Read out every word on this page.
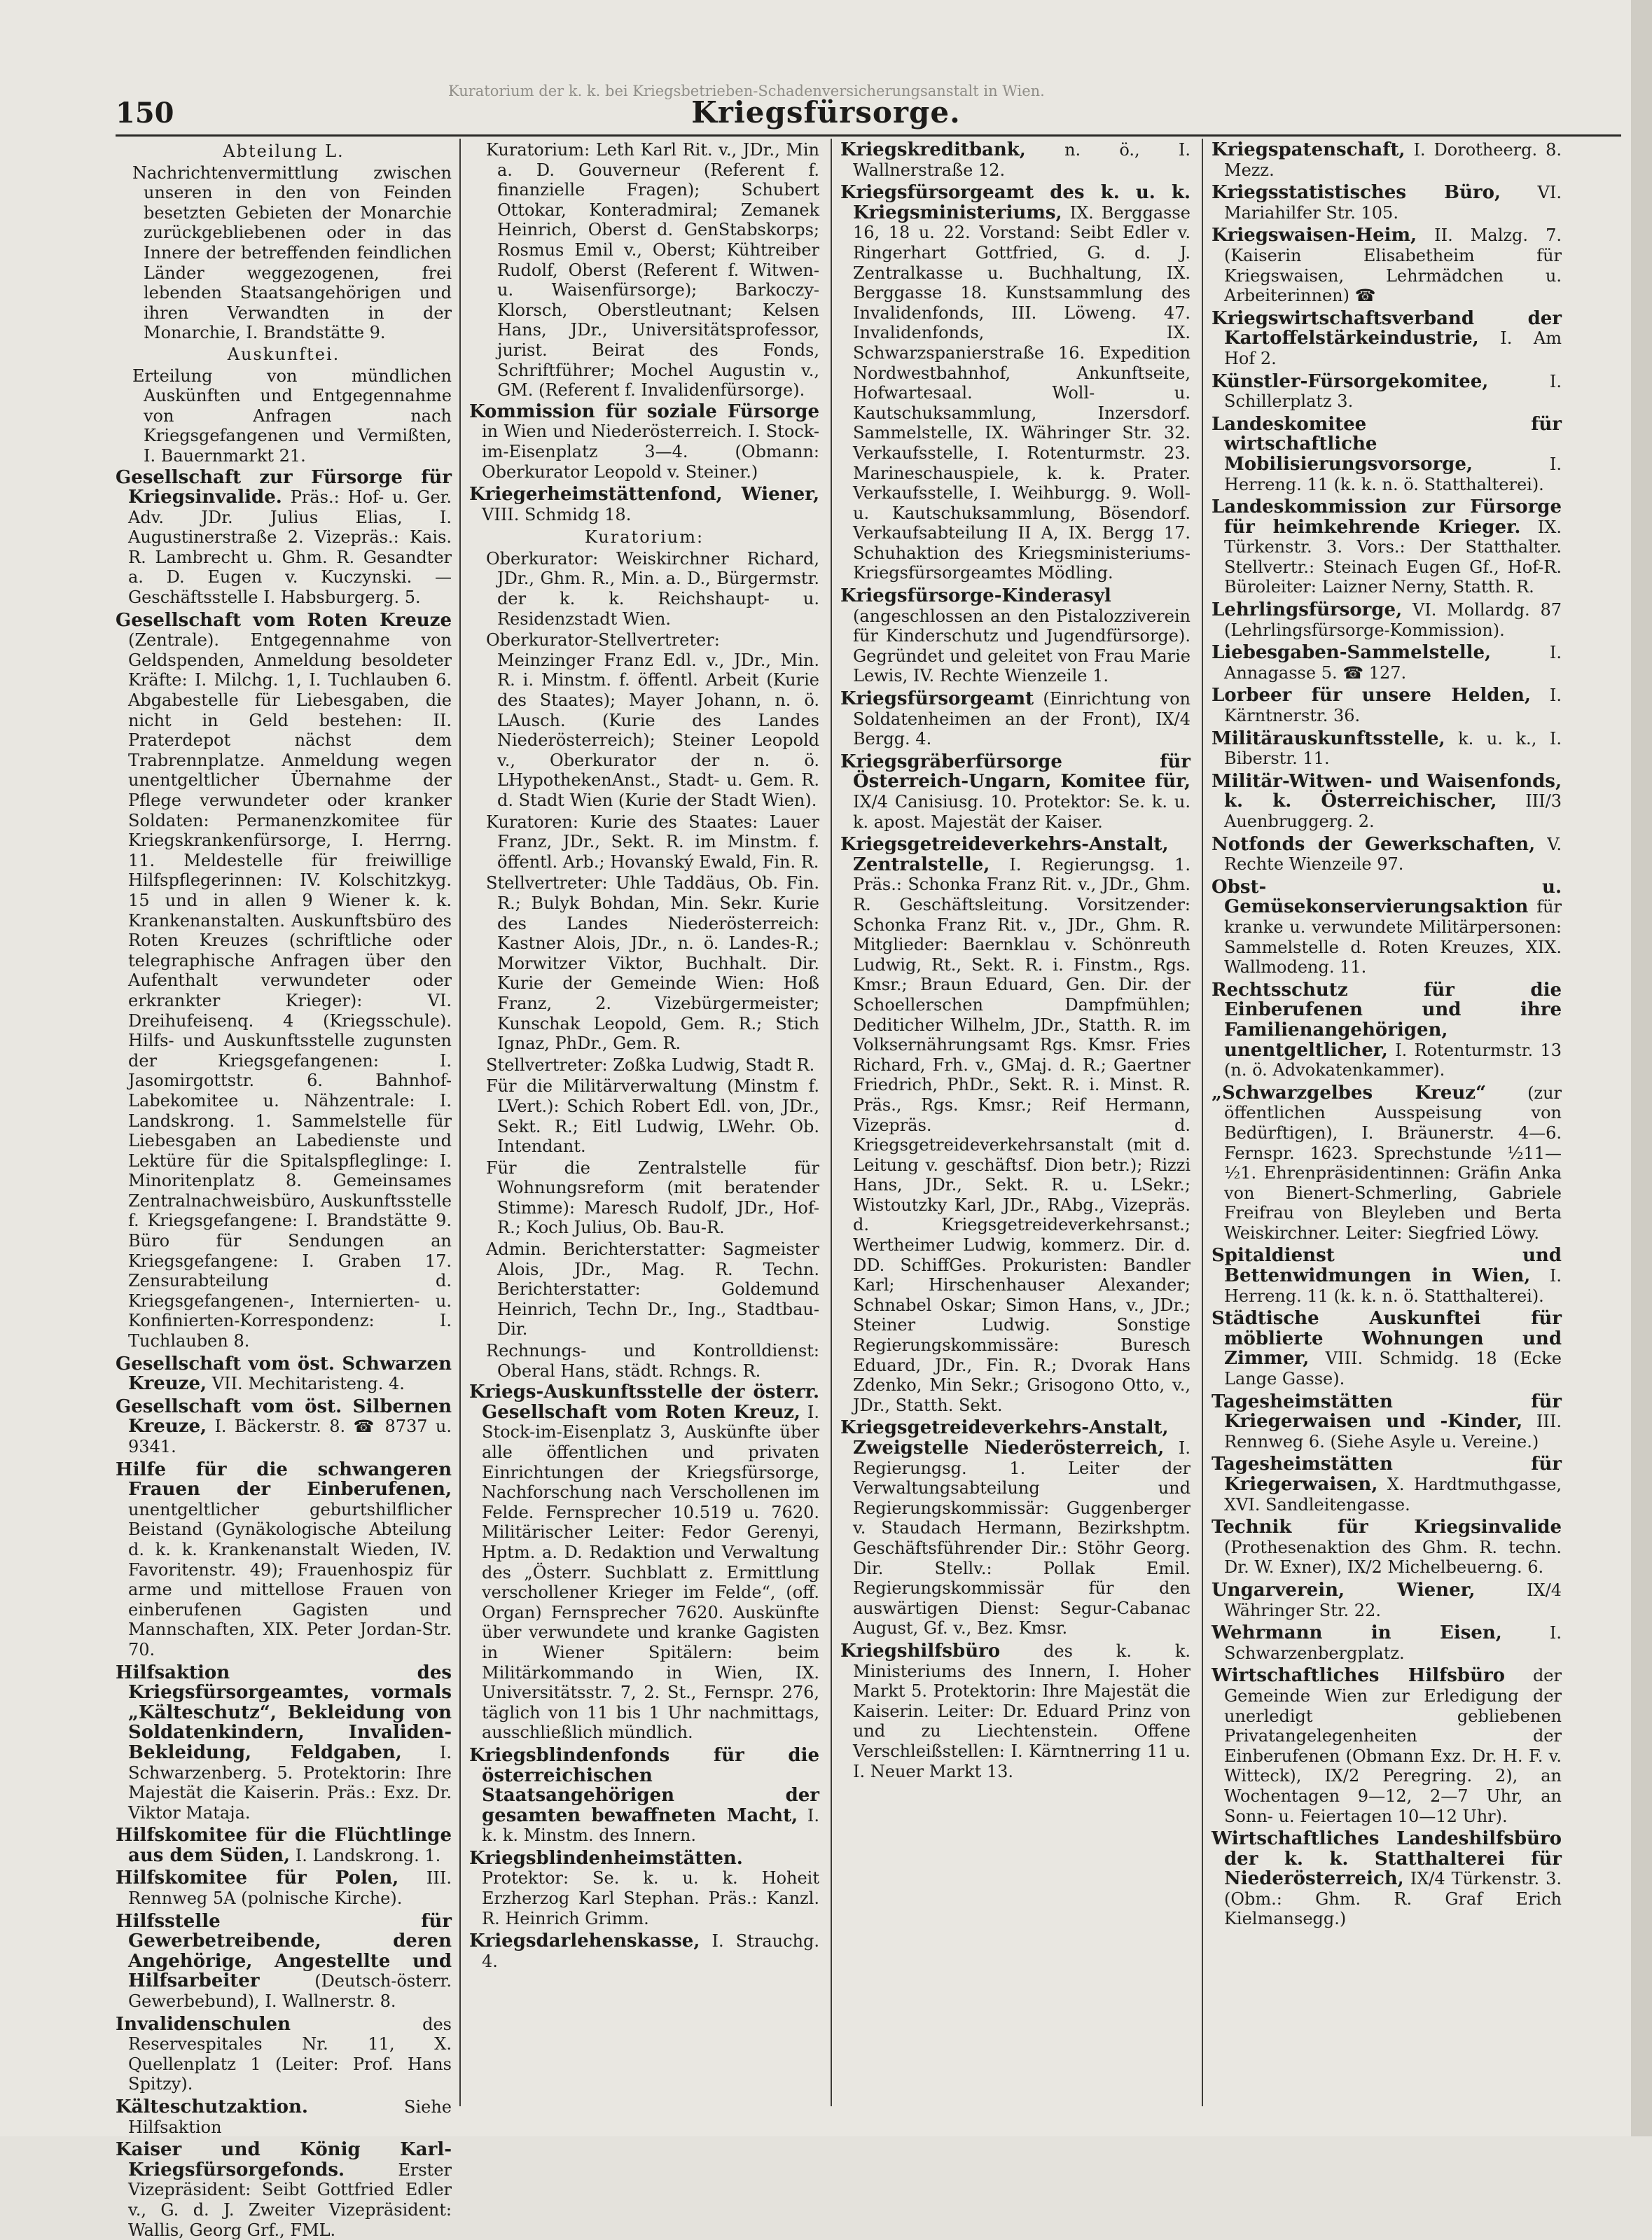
Kuratorium der k. k. bei Kriegsbetrieben-Schadenversicherungsanstalt in Wien.
150	Kriegsfürsorge.

Abteilung L.

Nachrichtenvermittlung zwischen unseren in den von Feinden besetzten Gebieten der Monarchie zurückgebliebenen oder in das Innere der betreffenden feindlichen Länder weggezogenen, frei lebenden Staatsangehörigen und ihren Verwandten in der Monarchie, I. Brandstätte 9.

Auskunftei.

Erteilung von mündlichen Auskünften und Entgegennahme von Anfragen nach Kriegsgefangenen und Vermißten, I. Bauernmarkt 21.

Gesellschaft zur Fürsorge für Kriegsinvalide. Präs.: Hof- u. Ger. Adv. JDr. Julius Elias, I. Augustinerstraße 2. Vizepräs.: Kais. R. Lambrecht u. Ghm. R. Gesandter a. D. Eugen v. Kuczynski. — Geschäftsstelle I. Habsburgerg. 5.

Gesellschaft vom Roten Kreuze (Zentrale). Entgegennahme von Geldspenden, Anmeldung besoldeter Kräfte: I. Milchg. 1, I. Tuchlauben 6. Abgabestelle für Liebesgaben, die nicht in Geld bestehen: II. Praterdepot nächst dem Trabrennplatze. Anmeldung wegen unentgeltlicher Übernahme der Pflege verwundeter oder kranker Soldaten: Permanenzkomitee für Kriegskrankenfürsorge, I. Herrng. 11. Meldestelle für freiwillige Hilfspflegerinnen: IV. Kolschitzkyg. 15 und in allen 9 Wiener k. k. Krankenanstalten. Auskunftsbüro des Roten Kreuzes (schriftliche oder telegraphische Anfragen über den Aufenthalt verwundeter oder erkrankter Krieger): VI. Dreihufeisenq. 4 (Kriegsschule). Hilfs- und Auskunftsstelle zugunsten der Kriegsgefangenen: I. Jasomirgottstr. 6. Bahnhof-Labekomitee u. Nähzentrale: I. Landskrong. 1. Sammelstelle für Liebesgaben an Labedienste und Lektüre für die Spitalspfleglinge: I. Minoritenplatz 8. Gemeinsames Zentralnachweisbüro, Auskunftsstelle f. Kriegsgefangene: I. Brandstätte 9. Büro für Sendungen an Kriegsgefangene: I. Graben 17. Zensurabteilung d. Kriegsgefangenen-, Internierten- u. Konfinierten-Korrespondenz: I. Tuchlauben 8.

Gesellschaft vom öst. Schwarzen Kreuze, VII. Mechitaristeng. 4.

Gesellschaft vom öst. Silbernen Kreuze, I. Bäckerstr. 8. ☎ 8737 u. 9341.

Hilfe für die schwangeren Frauen der Einberufenen, unentgeltlicher geburtshilflicher Beistand (Gynäkologische Abteilung d. k. k. Krankenanstalt Wieden, IV. Favoritenstr. 49); Frauenhospiz für arme und mittellose Frauen von einberufenen Gagisten und Mannschaften, XIX. Peter Jordan-Str. 70.

Hilfsaktion des Kriegsfürsorgeamtes, vormals „Kälteschutz“, Bekleidung von Soldatenkindern, Invaliden-Bekleidung, Feldgaben, I. Schwarzenberg. 5. Protektorin: Ihre Majestät die Kaiserin. Präs.: Exz. Dr. Viktor Mataja.

Hilfskomitee für die Flüchtlinge aus dem Süden, I. Landskrong. 1.

Hilfskomitee für Polen, III. Rennweg 5A (polnische Kirche).

Hilfsstelle für Gewerbetreibende, deren Angehörige, Angestellte und Hilfsarbeiter	(Deutsch-österr. Gewerbebund), I. Wallnerstr. 8.

Invalidenschulen	des Reservespitales Nr. 11, X. Quellenplatz 1 (Leiter: Prof. Hans Spitzy).

Kälteschutzaktion.	Siehe Hilfsaktion

Kaiser und König Karl-Kriegsfürsorgefonds.	Erster Vizepräsident: Seibt Gottfried Edler v., G. d. J. Zweiter Vizepräsident: Wallis, Georg Grf., FML.

Kuratorium: Leth Karl Rit. v., JDr., Min a. D. Gouverneur (Referent f. finanzielle Fragen); Schubert Ottokar, Konteradmiral; Zemanek Heinrich, Oberst d. GenStabskorps; Rosmus Emil v., Oberst; Kühtreiber Rudolf, Oberst (Referent f. Witwen- u. Waisenfürsorge); Barkoczy-Klorsch, Oberstleutnant; Kelsen Hans, JDr., Universitätsprofessor, jurist. Beirat des Fonds, Schriftführer; Mochel Augustin v., GM. (Referent f. Invalidenfürsorge).

Kommission für soziale Fürsorge in Wien und Niederösterreich. I. Stock-im-Eisenplatz 3—4. (Obmann: Oberkurator Leopold v. Steiner.)

Kriegerheimstättenfond, Wiener, VIII. Schmidg 18.

Kuratorium:

Oberkurator: Weiskirchner Richard, JDr., Ghm. R., Min. a. D., Bürgermstr. der k. k. Reichshaupt- u. Residenzstadt Wien.

Oberkurator-Stellvertreter: Meinzinger Franz Edl. v., JDr., Min. R. i. Minstm. f. öffentl. Arbeit (Kurie des Staates); Mayer Johann, n. ö. LAusch. (Kurie des Landes Niederösterreich); Steiner Leopold v., Oberkurator der n. ö. LHypothekenAnst., Stadt- u. Gem. R. d. Stadt Wien (Kurie der Stadt Wien).

Kuratoren: Kurie des Staates: Lauer Franz, JDr., Sekt. R. im Minstm. f. öffentl. Arb.; Hovanský Ewald, Fin. R.

Stellvertreter: Uhle Taddäus, Ob. Fin. R.; Bulyk Bohdan, Min. Sekr. Kurie des Landes Niederösterreich: Kastner Alois, JDr., n. ö. Landes-R.; Morwitzer Viktor, Buchhalt. Dir. Kurie der Gemeinde Wien: Hoß Franz, 2. Vizebürgermeister; Kunschak Leopold, Gem. R.; Stich Ignaz, PhDr., Gem. R.

Stellvertreter: Zoßka Ludwig, Stadt R.

Für die Militärverwaltung (Minstm f. LVert.): Schich Robert Edl. von, JDr., Sekt. R.; Eitl Ludwig, LWehr. Ob. Intendant.

Für die Zentralstelle für Wohnungsreform (mit beratender Stimme): Maresch Rudolf, JDr., Hof-R.; Koch Julius, Ob. Bau-R.

Admin. Berichterstatter: Sagmeister Alois, JDr., Mag. R. Techn. Berichterstatter: Goldemund Heinrich, Techn Dr., Ing., Stadtbau-Dir.

Rechnungs- und Kontrolldienst: Oberal Hans, städt. Rchngs. R.

Kriegs-Auskunftsstelle der österr. Gesellschaft vom Roten Kreuz, I. Stock-im-Eisenplatz 3, Auskünfte über alle öffentlichen und privaten Einrichtungen der Kriegsfürsorge, Nachforschung nach Verschollenen im Felde. Fernsprecher 10.519 u. 7620. Militärischer Leiter: Fedor Gerenyi, Hptm. a. D. Redaktion und Verwaltung des „Österr. Suchblatt z. Ermittlung verschollener Krieger im Felde“, (off. Organ) Fernsprecher 7620. Auskünfte über verwundete und kranke Gagisten in Wiener Spitälern: beim Militärkommando in Wien, IX. Universitätsstr. 7, 2. St., Fernspr. 276, täglich von 11 bis 1 Uhr nachmittags, ausschließlich mündlich.

Kriegsblindenfonds für die österreichischen Staatsangehörigen der gesamten bewaffneten Macht, I. k. k. Minstm. des Innern.

Kriegsblindenheimstätten. Protektor: Se. k. u. k. Hoheit Erzherzog Karl Stephan. Präs.: Kanzl. R. Heinrich Grimm.

Kriegsdarlehenskasse, I. Strauchg. 4.

Kriegskreditbank, n. ö., I. Wallnerstraße 12.

Kriegsfürsorgeamt des k. u. k. Kriegsministeriums, IX. Berggasse 16, 18 u. 22. Vorstand: Seibt Edler v. Ringerhart Gottfried, G. d. J. Zentralkasse u. Buchhaltung, IX. Berggasse 18. Kunstsammlung des Invalidenfonds, III. Löweng. 47. Invalidenfonds, IX. Schwarzspanierstraße 16. Expedition Nordwestbahnhof, Ankunftseite, Hofwartesaal. Woll- u. Kautschuksammlung, Inzersdorf. Sammelstelle, IX. Währinger Str. 32. Verkaufsstelle, I. Rotenturmstr. 23. Marineschauspiele, k. k. Prater. Verkaufsstelle, I. Weihburgg. 9. Woll- u. Kautschuksammlung, Bösendorf. Verkaufsabteilung II A, IX. Bergg 17. Schuhaktion des Kriegsministeriums-Kriegsfürsorgeamtes Mödling.

Kriegsfürsorge-Kinderasyl (angeschlossen an den Pistalozziverein für Kinderschutz und Jugendfürsorge). Gegründet und geleitet von Frau Marie Lewis, IV. Rechte Wienzeile 1.

Kriegsfürsorgeamt (Einrichtung von Soldatenheimen an der Front), IX/4 Bergg. 4.

Kriegsgräberfürsorge für Österreich-Ungarn, Komitee für, IX/4 Canisiusg. 10. Protektor: Se. k. u. k. apost. Majestät der Kaiser.

Kriegsgetreideverkehrs-Anstalt, Zentralstelle, I. Regierungsg. 1. Präs.: Schonka Franz Rit. v., JDr., Ghm. R. Geschäftsleitung. Vorsitzender: Schonka Franz Rit. v., JDr., Ghm. R. Mitglieder: Baernklau v. Schönreuth Ludwig, Rt., Sekt. R. i. Finstm., Rgs. Kmsr.; Braun Eduard, Gen. Dir. der Schoellerschen Dampfmühlen; Dediticher Wilhelm, JDr., Statth. R. im Volksernährungsamt Rgs. Kmsr. Fries Richard, Frh. v., GMaj. d. R.; Gaertner Friedrich, PhDr., Sekt. R. i. Minst. R. Präs., Rgs. Kmsr.; Reif Hermann, Vizepräs. d. Kriegsgetreideverkehrsanstalt (mit d. Leitung v. geschäftsf. Dion betr.); Rizzi Hans, JDr., Sekt. R. u. LSekr.; Wistoutzky Karl, JDr., RAbg., Vizepräs. d. Kriegsgetreideverkehrsanst.; Wertheimer Ludwig, kommerz. Dir. d. DD. SchiffGes. Prokuristen: Bandler Karl; Hirschenhauser Alexander; Schnabel Oskar; Simon Hans, v., JDr.; Steiner Ludwig. Sonstige Regierungskommissäre: Buresch Eduard, JDr., Fin. R.; Dvorak Hans Zdenko, Min Sekr.; Grisogono Otto, v., JDr., Statth. Sekt.

Kriegsgetreideverkehrs-Anstalt, Zweigstelle Niederösterreich, I. Regierungsg. 1. Leiter der Verwaltungsabteilung und Regierungskommissär: Guggenberger v. Staudach Hermann, Bezirkshptm. Geschäftsführender Dir.: Stöhr Georg. Dir. Stellv.: Pollak Emil. Regierungskommissär für den auswärtigen Dienst: Segur-Cabanac August, Gf. v., Bez. Kmsr.

Kriegshilfsbüro	des k. k. Ministeriums des Innern, I. Hoher Markt 5. Protektorin: Ihre Majestät die Kaiserin. Leiter: Dr. Eduard Prinz von und zu Liechtenstein. Offene Verschleißstellen: I. Kärntnerring 11 u. I. Neuer Markt 13.

Kriegspatenschaft, I. Dorotheerg. 8. Mezz.

Kriegsstatistisches Büro, VI. Mariahilfer Str. 105.

Kriegswaisen-Heim, II. Malzg. 7. (Kaiserin Elisabetheim für Kriegswaisen, Lehrmädchen u. Arbeiterinnen) ☎

Kriegswirtschaftsverband der Kartoffelstärkeindustrie, I. Am Hof 2.

Künstler-Fürsorgekomitee,	I. Schillerplatz 3.

Landeskomitee für wirtschaftliche Mobilisierungsvorsorge,	I. Herreng. 11 (k. k. n. ö. Statthalterei).

Landeskommission zur Fürsorge für heimkehrende Krieger. IX. Türkenstr. 3. Vors.: Der Statthalter. Stellvertr.: Steinach Eugen Gf., Hof-R. Büroleiter: Laizner Nerny, Statth. R.

Lehrlingsfürsorge, VI. Mollardg. 87 (Lehrlingsfürsorge-Kommission).

Liebesgaben-Sammelstelle,	I. Annagasse 5. ☎ 127.

Lorbeer für unsere Helden, I. Kärntnerstr. 36.

Militärauskunftsstelle, k. u. k., I. Biberstr. 11.

Militär-Witwen- und Waisenfonds, k. k. Österreichischer, III/3 Auenbruggerg. 2.

Notfonds der Gewerkschaften, V. Rechte Wienzeile 97.

Obst- u. Gemüsekonservierungsaktion für kranke u. verwundete Militärpersonen: Sammelstelle d. Roten Kreuzes, XIX. Wallmodeng. 11.

Rechtsschutz für die Einberufenen und ihre Familienangehörigen, unentgeltlicher, I. Rotenturmstr. 13 (n. ö. Advokatenkammer).

„Schwarzgelbes Kreuz“ (zur öffentlichen Ausspeisung von Bedürftigen), I. Bräunerstr. 4—6. Fernspr. 1623. Sprechstunde ½11—½1. Ehrenpräsidentinnen: Gräfin Anka von Bienert-Schmerling, Gabriele Freifrau von Bleyleben und Berta Weiskirchner. Leiter: Siegfried Löwy.

Spitaldienst und Bettenwidmungen in Wien, I. Herreng. 11 (k. k. n. ö. Statthalterei).

Städtische Auskunftei für möblierte Wohnungen und Zimmer, VIII. Schmidg. 18 (Ecke Lange Gasse).

Tagesheimstätten für Kriegerwaisen und -Kinder, III. Rennweg 6. (Siehe Asyle u. Vereine.)

Tagesheimstätten für Kriegerwaisen, X. Hardtmuthgasse, XVI. Sandleitengasse.

Technik für Kriegsinvalide (Prothesenaktion des Ghm. R. techn. Dr. W. Exner), IX/2 Michelbeuerng. 6.

Ungarverein, Wiener,	IX/4 Währinger Str. 22.

Wehrmann in Eisen,	I. Schwarzenbergplatz.

Wirtschaftliches Hilfsbüro der Gemeinde Wien zur Erledigung der unerledigt gebliebenen Privatangelegenheiten der Einberufenen (Obmann Exz. Dr. H. F. v. Witteck), IX/2 Peregring. 2), an Wochentagen 9—12, 2—7 Uhr, an Sonn- u. Feiertagen 10—12 Uhr).

Wirtschaftliches Landeshilfsbüro der k. k. Statthalterei für Niederösterreich, IX/4 Türkenstr. 3. (Obm.: Ghm. R. Graf Erich Kielmansegg.)
